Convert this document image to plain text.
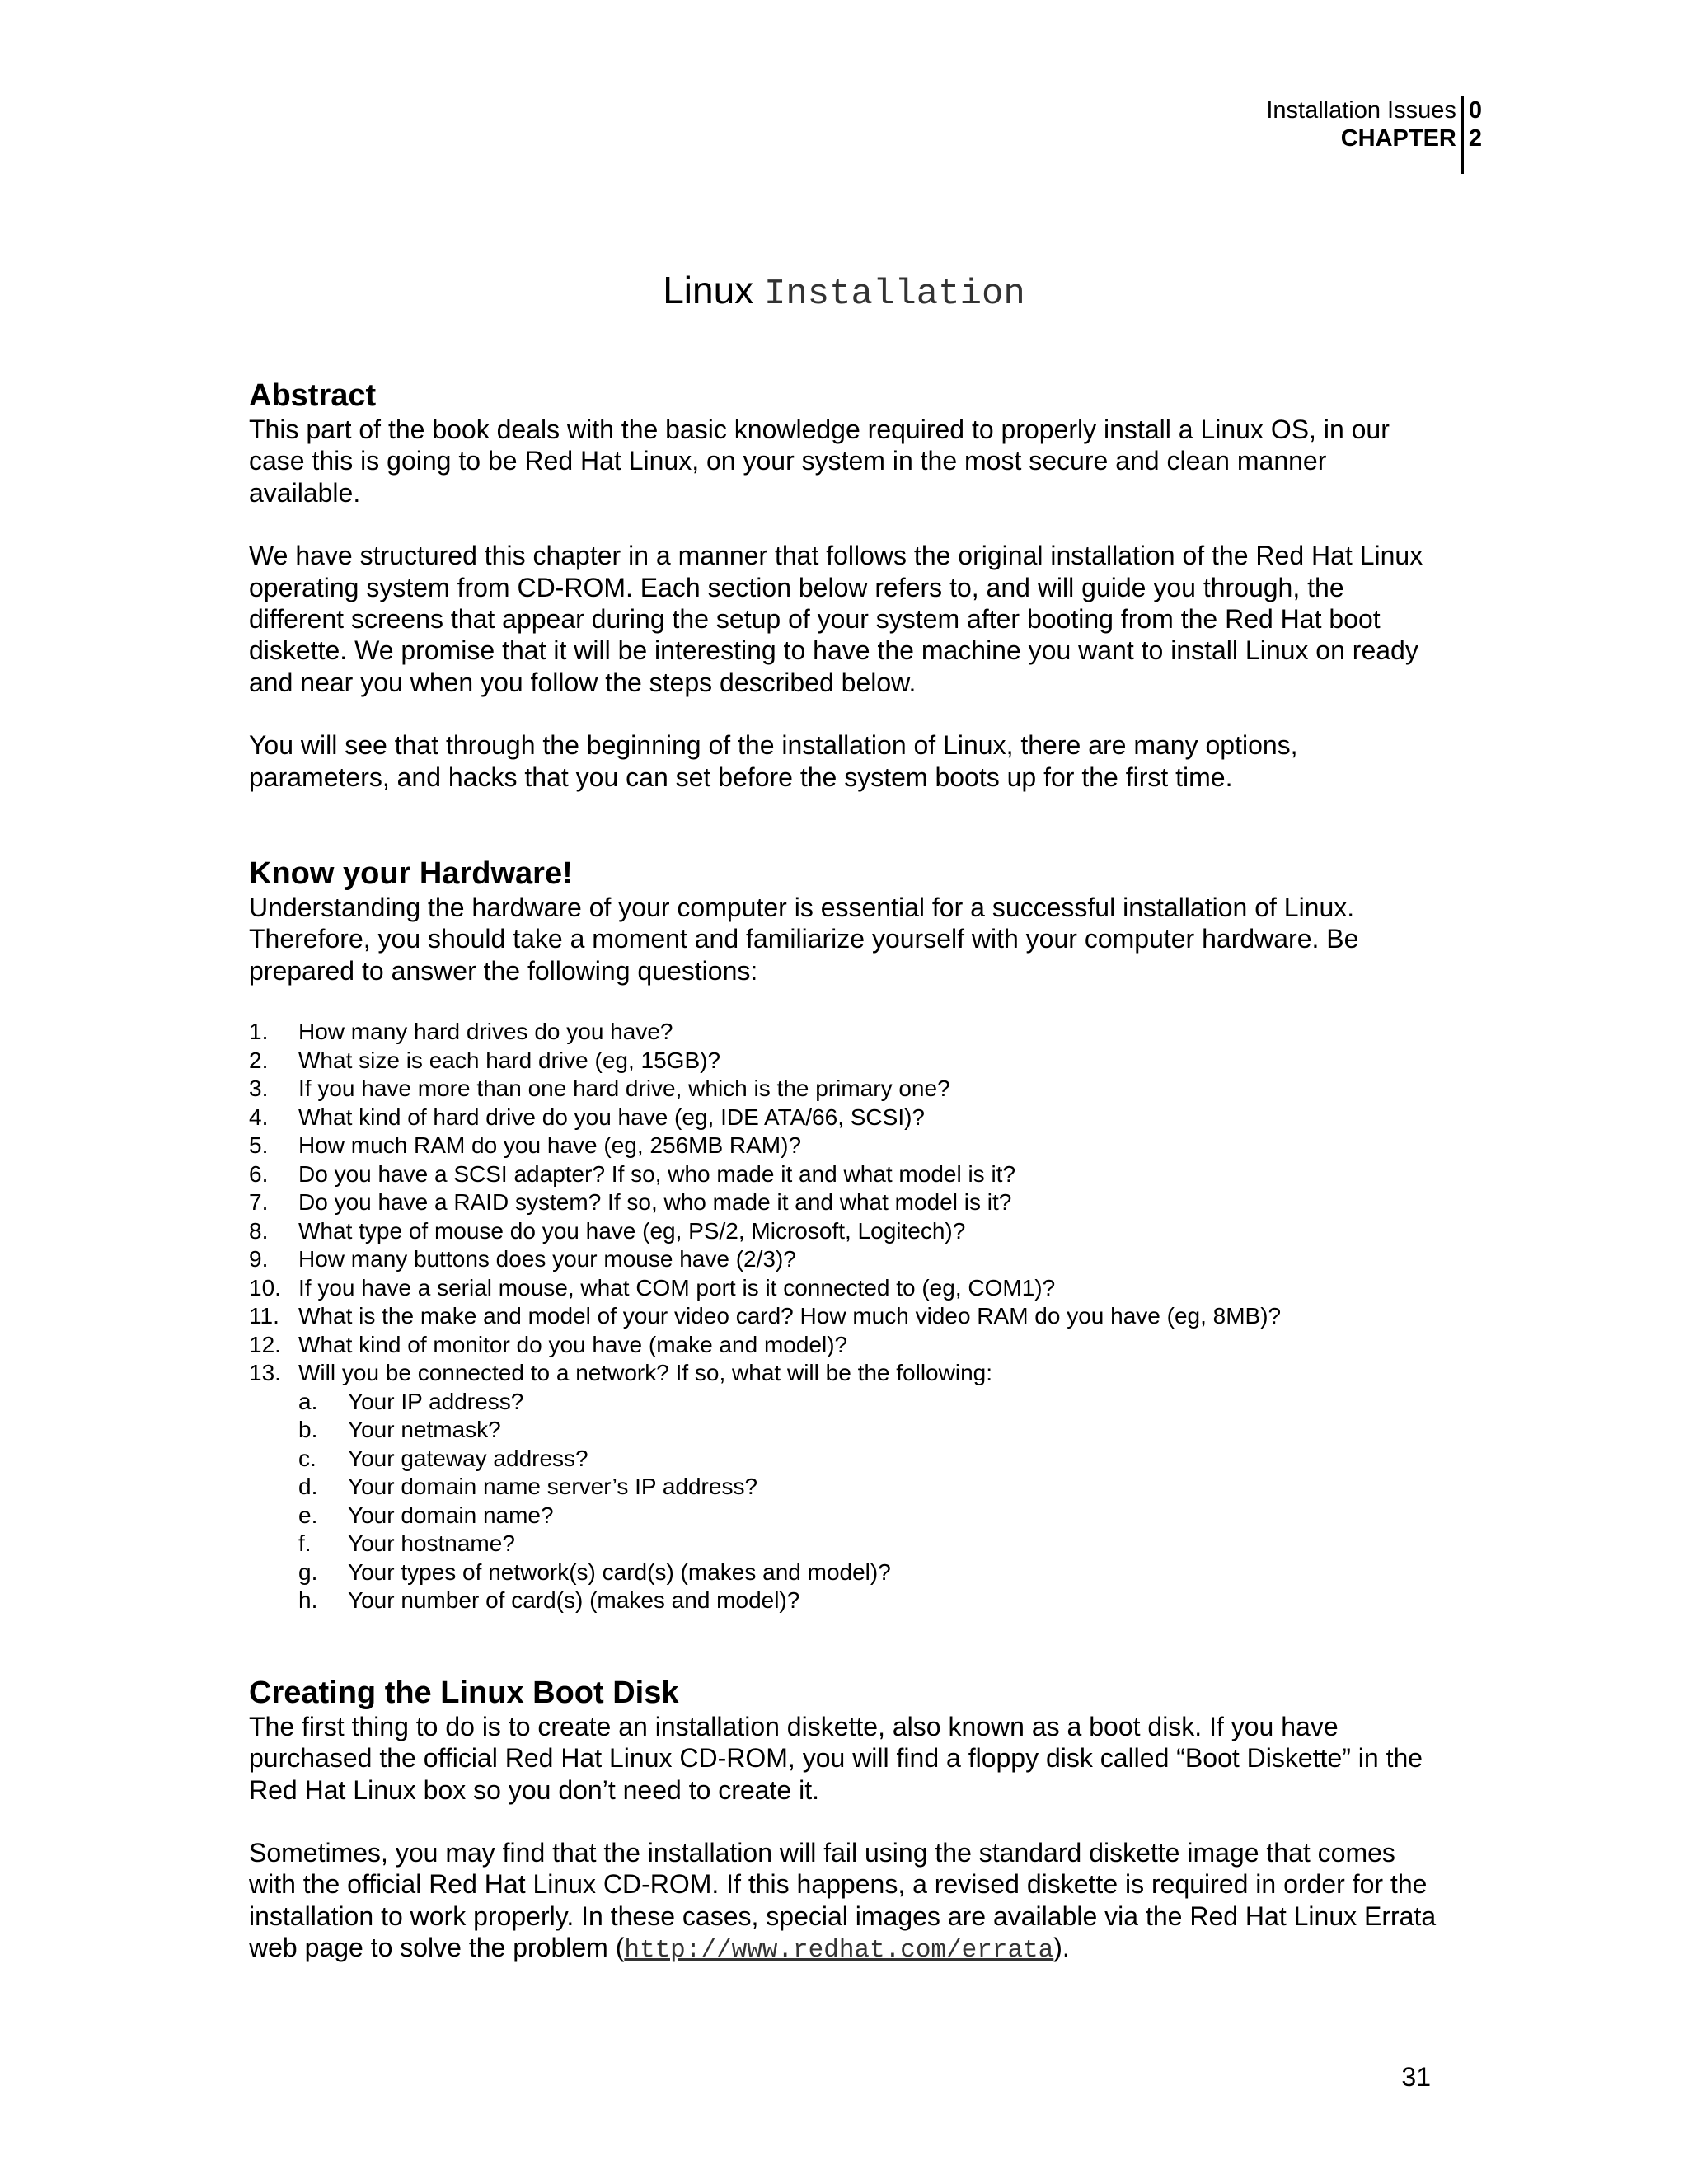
Installation Issues
CHAPTER
0
2
Linux Installation
Abstract

This part of the book deals with the basic knowledge required to properly install a Linux OS, in our case this is going to be Red Hat Linux, on your system in the most secure and clean manner available.

We have structured this chapter in a manner that follows the original installation of the Red Hat Linux operating system from CD-ROM. Each section below refers to, and will guide you through, the different screens that appear during the setup of your system after booting from the Red Hat boot diskette. We promise that it will be interesting to have the machine you want to install Linux on ready and near you when you follow the steps described below.

You will see that through the beginning of the installation of Linux, there are many options, parameters, and hacks that you can set before the system boots up for the first time.

Know your Hardware!

Understanding the hardware of your computer is essential for a successful installation of Linux. Therefore, you should take a moment and familiarize yourself with your computer hardware. Be prepared to answer the following questions:

1. How many hard drives do you have?
2. What size is each hard drive (eg, 15GB)?
3. If you have more than one hard drive, which is the primary one?
4. What kind of hard drive do you have (eg, IDE ATA/66, SCSI)?
5. How much RAM do you have (eg, 256MB RAM)?
6. Do you have a SCSI adapter? If so, who made it and what model is it?
7. Do you have a RAID system? If so, who made it and what model is it?
8. What type of mouse do you have (eg, PS/2, Microsoft, Logitech)?
9. How many buttons does your mouse have (2/3)?
10. If you have a serial mouse, what COM port is it connected to (eg, COM1)?
11. What is the make and model of your video card? How much video RAM do you have (eg, 8MB)?
12. What kind of monitor do you have (make and model)?
13. Will you be connected to a network? If so, what will be the following:
a. Your IP address?
b. Your netmask?
c. Your gateway address?
d. Your domain name server’s IP address?
e. Your domain name?
f. Your hostname?
g. Your types of network(s) card(s) (makes and model)?
h. Your number of card(s) (makes and model)?
Creating the Linux Boot Disk

The first thing to do is to create an installation diskette, also known as a boot disk. If you have purchased the official Red Hat Linux CD-ROM, you will find a floppy disk called “Boot Diskette” in the Red Hat Linux box so you don’t need to create it.

Sometimes, you may find that the installation will fail using the standard diskette image that comes with the official Red Hat Linux CD-ROM. If this happens, a revised diskette is required in order for the installation to work properly. In these cases, special images are available via the Red Hat Linux Errata web page to solve the problem (http://www.redhat.com/errata).

31
